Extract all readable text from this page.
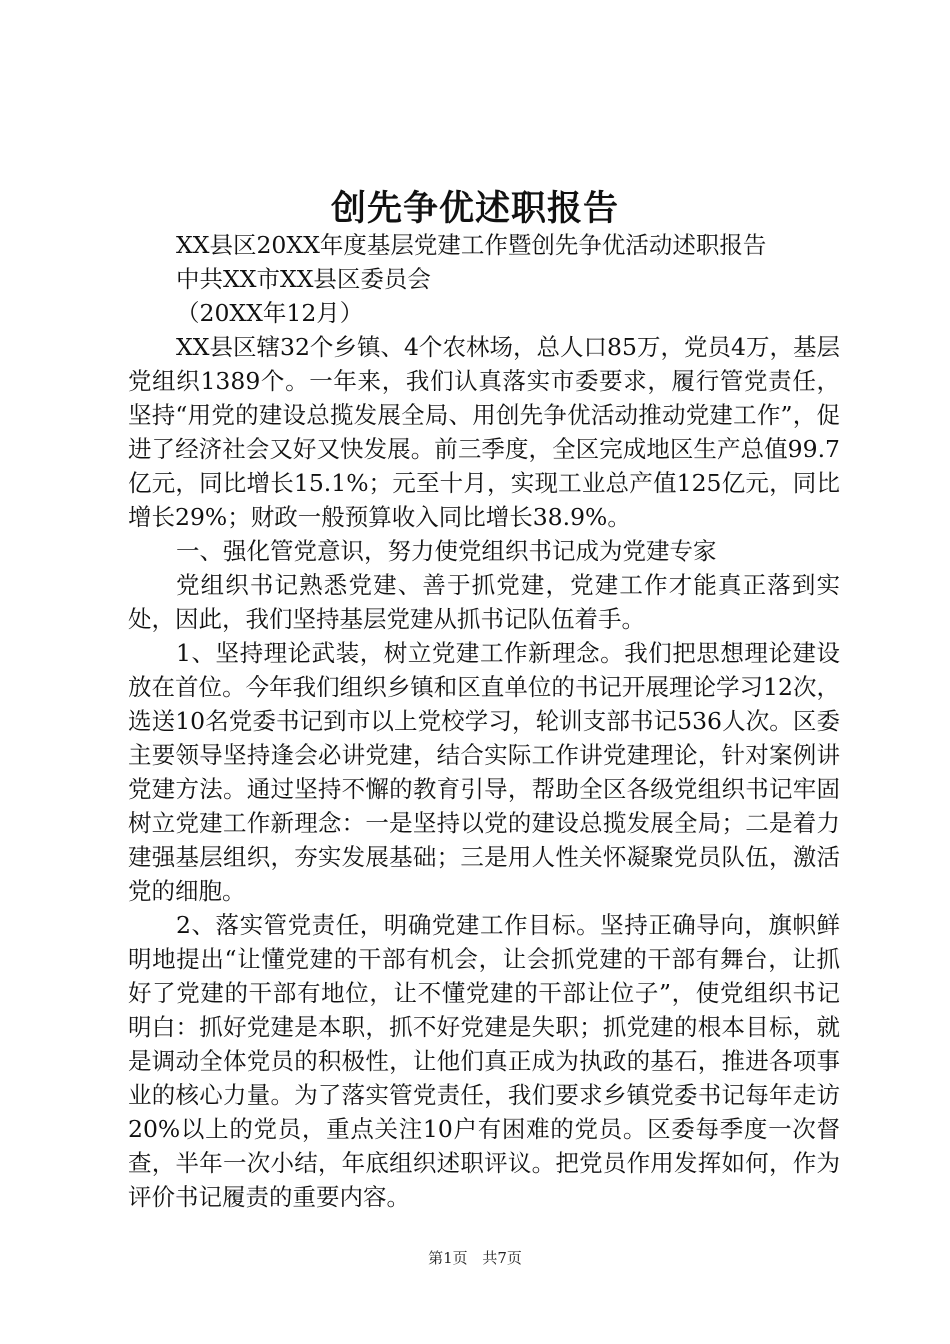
创先争优述职报告

XX县区20XX年度基层党建工作暨创先争优活动述职报告

中共XX市XX县区委员会

（20XX年12月）

XX县区辖32个乡镇、4个农林场，总人口85万，党员4万，基层党组织1389个。一年来，我们认真落实市委要求，履行管党责任，坚持“用党的建设总揽发展全局、用创先争优活动推动党建工作”，促进了经济社会又好又快发展。前三季度，全区完成地区生产总值99.7亿元，同比增长15.1%；元至十月，实现工业总产值125亿元，同比增长29%；财政一般预算收入同比增长38.9%。

一、强化管党意识，努力使党组织书记成为党建专家

党组织书记熟悉党建、善于抓党建，党建工作才能真正落到实处，因此，我们坚持基层党建从抓书记队伍着手。

1、坚持理论武装，树立党建工作新理念。我们把思想理论建设放在首位。今年我们组织乡镇和区直单位的书记开展理论学习12次，选送10名党委书记到市以上党校学习，轮训支部书记536人次。区委主要领导坚持逢会必讲党建，结合实际工作讲党建理论，针对案例讲党建方法。通过坚持不懈的教育引导，帮助全区各级党组织书记牢固树立党建工作新理念：一是坚持以党的建设总揽发展全局；二是着力建强基层组织，夯实发展基础；三是用人性关怀凝聚党员队伍，激活党的细胞。

2、落实管党责任，明确党建工作目标。坚持正确导向，旗帜鲜明地提出“让懂党建的干部有机会，让会抓党建的干部有舞台，让抓好了党建的干部有地位，让不懂党建的干部让位子”，使党组织书记明白：抓好党建是本职，抓不好党建是失职；抓党建的根本目标，就是调动全体党员的积极性，让他们真正成为执政的基石，推进各项事业的核心力量。为了落实管党责任，我们要求乡镇党委书记每年走访20%以上的党员，重点关注10户有困难的党员。区委每季度一次督查，半年一次小结，年底组织述职评议。把党员作用发挥如何，作为评价书记履责的重要内容。

第1页 共7页
